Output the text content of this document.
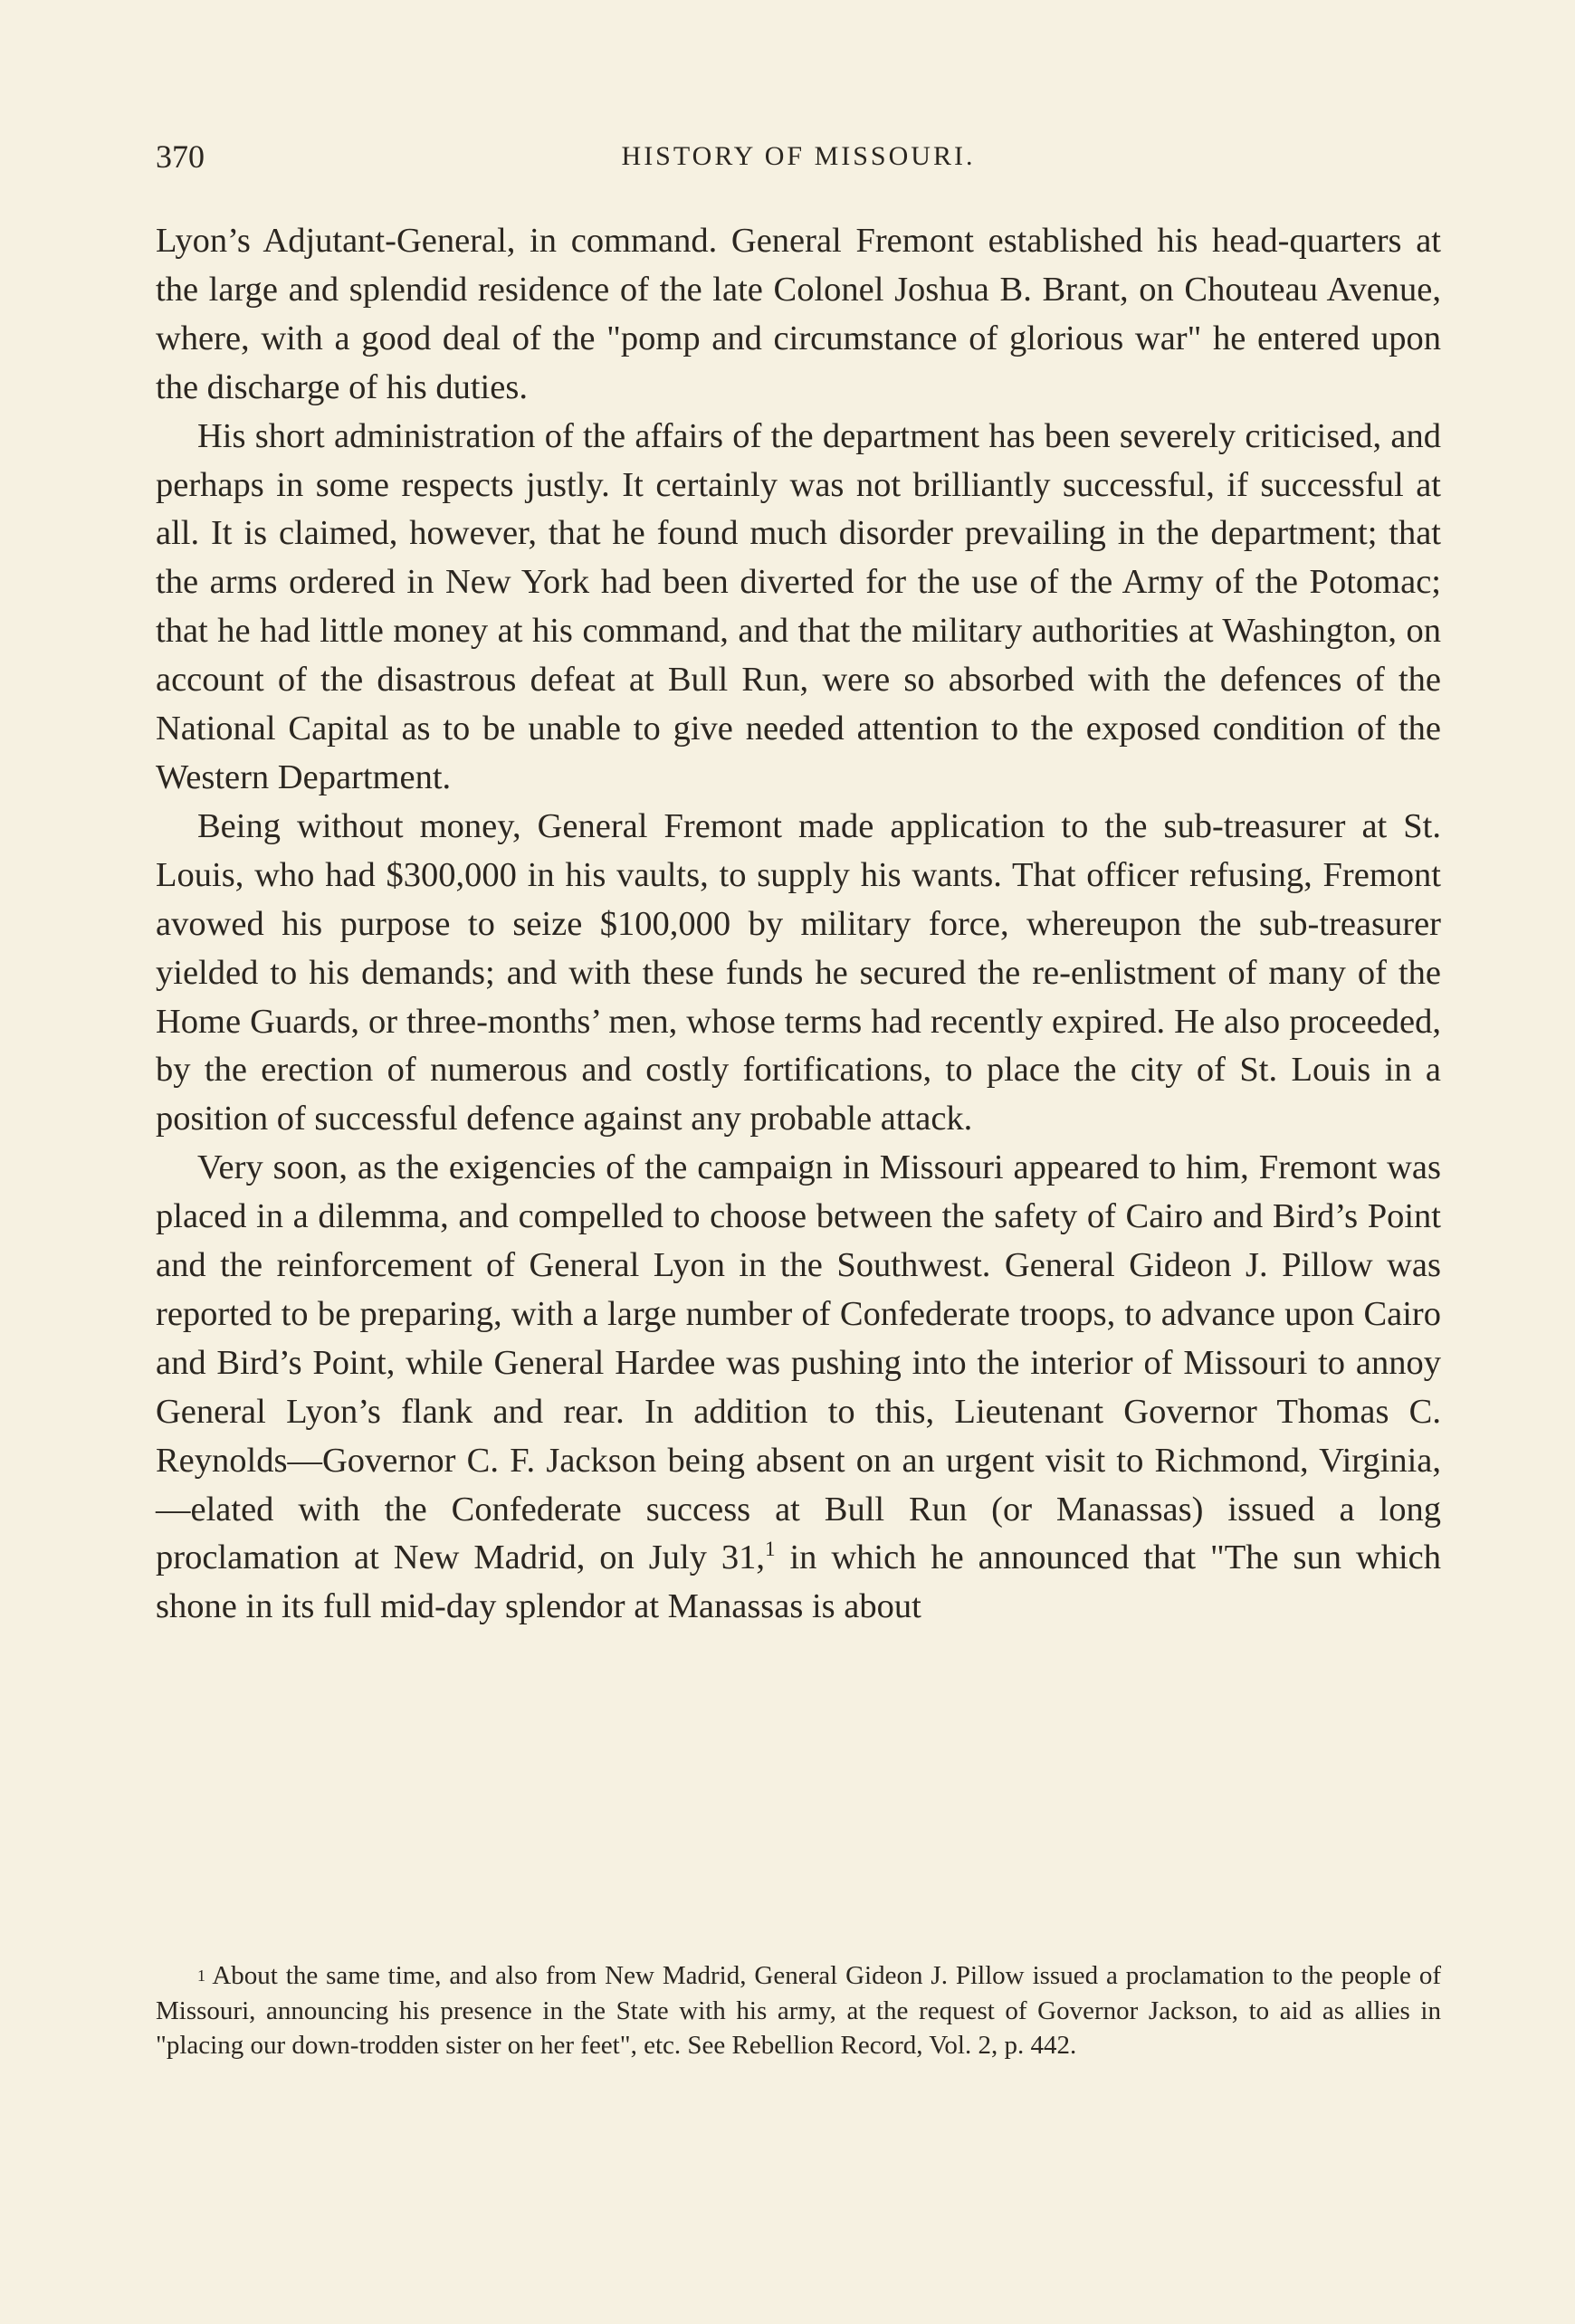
370	HISTORY OF MISSOURI.

Lyon’s Adjutant-General, in command. General Fremont established his head-quarters at the large and splendid residence of the late Colonel Joshua B. Brant, on Chouteau Avenue, where, with a good deal of the "pomp and circumstance of glorious war" he entered upon the discharge of his duties.

His short administration of the affairs of the department has been severely criticised, and perhaps in some respects justly. It certainly was not brilliantly successful, if successful at all. It is claimed, however, that he found much disorder prevailing in the department; that the arms ordered in New York had been diverted for the use of the Army of the Potomac; that he had little money at his command, and that the military authorities at Washington, on account of the disastrous defeat at Bull Run, were so absorbed with the defences of the National Capital as to be unable to give needed attention to the exposed condition of the Western Department.

Being without money, General Fremont made application to the sub-treasurer at St. Louis, who had $300,000 in his vaults, to supply his wants. That officer refusing, Fremont avowed his purpose to seize $100,000 by military force, whereupon the sub-treasurer yielded to his demands; and with these funds he secured the re-enlistment of many of the Home Guards, or three-months’ men, whose terms had recently expired. He also proceeded, by the erection of numerous and costly fortifications, to place the city of St. Louis in a position of successful defence against any probable attack.

Very soon, as the exigencies of the campaign in Missouri appeared to him, Fremont was placed in a dilemma, and compelled to choose between the safety of Cairo and Bird’s Point and the reinforcement of General Lyon in the Southwest. General Gideon J. Pillow was reported to be preparing, with a large number of Confederate troops, to advance upon Cairo and Bird’s Point, while General Hardee was pushing into the interior of Missouri to annoy General Lyon’s flank and rear. In addition to this, Lieutenant Governor Thomas C. Reynolds—Governor C. F. Jackson being absent on an urgent visit to Richmond, Virginia,—elated with the Confederate success at Bull Run (or Manassas) issued a long proclamation at New Madrid, on July 31,$^1$ in which he announced that "The sun which shone in its full mid-day splendor at Manassas is about

1 About the same time, and also from New Madrid, General Gideon J. Pillow issued a proclamation to the people of Missouri, announcing his presence in the State with his army, at the request of Governor Jackson, to aid as allies in "placing our down-trodden sister on her feet", etc. See Rebellion Record, Vol. 2, p. 442.
